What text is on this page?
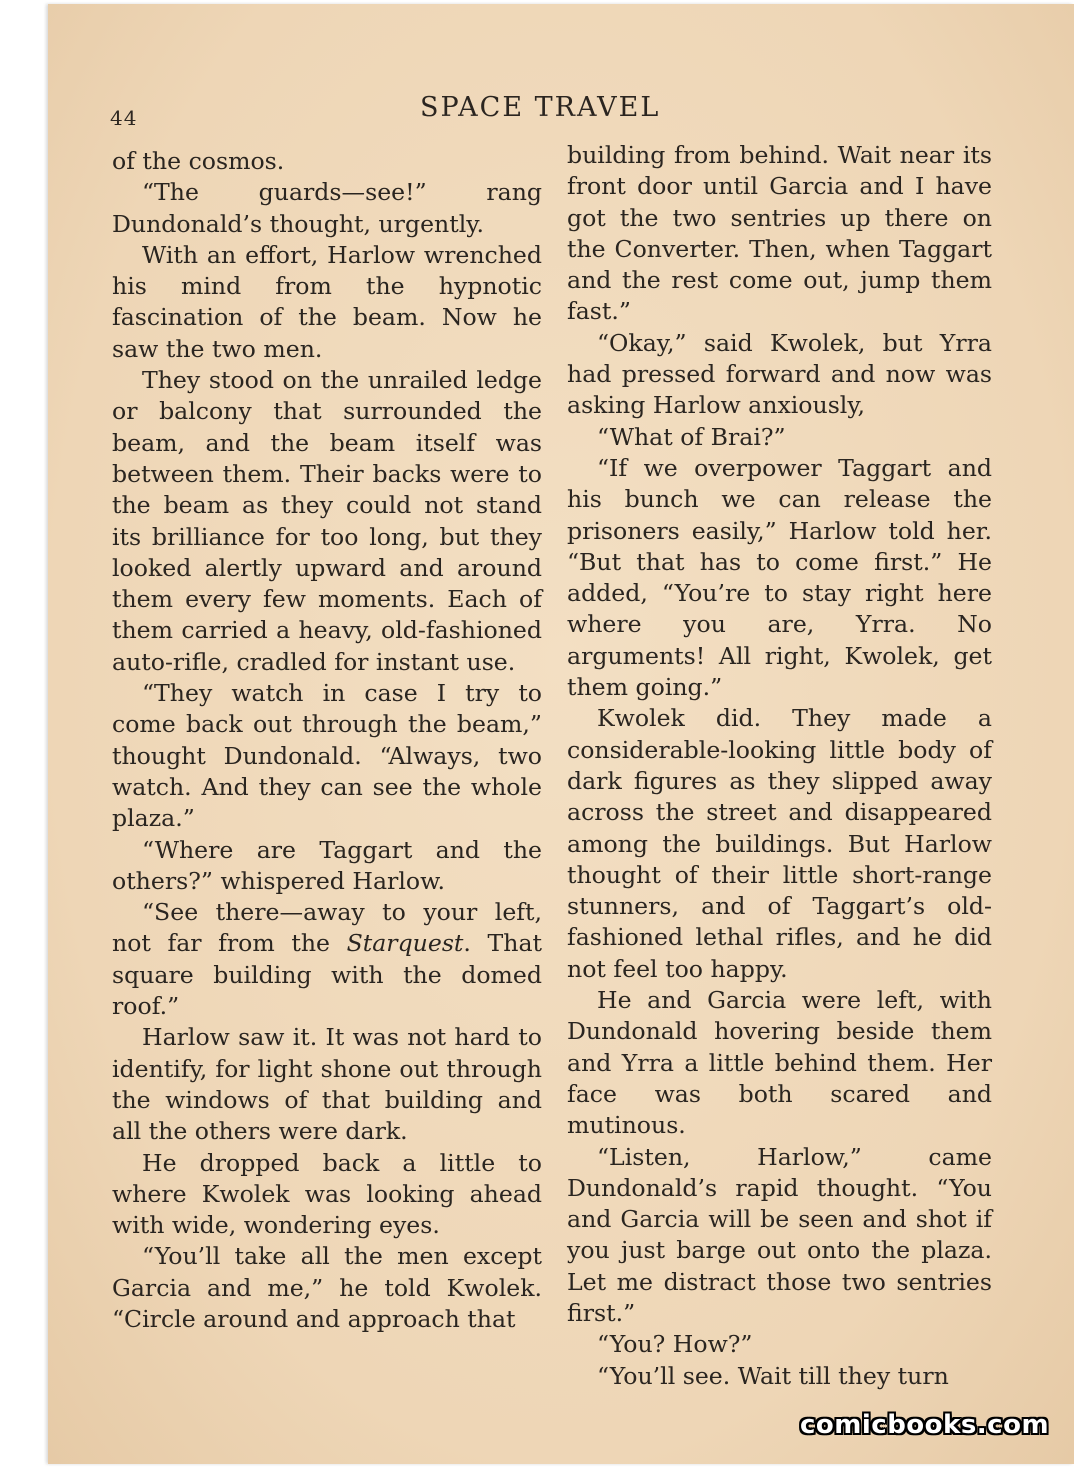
44	SPACE TRAVEL

of the cosmos.

“The guards—see!” rang Dundonald’s thought, urgently.

With an effort, Harlow wrenched his mind from the hypnotic fascination of the beam. Now he saw the two men.

They stood on the unrailed ledge or balcony that surrounded the beam, and the beam itself was between them. Their backs were to the beam as they could not stand its brilliance for too long, but they looked alertly upward and around them every few moments. Each of them carried a heavy, old-fashioned auto-rifle, cradled for instant use.

“They watch in case I try to come back out through the beam,” thought Dundonald. “Always, two watch. And they can see the whole plaza.”

“Where are Taggart and the others?” whispered Harlow.

“See there—away to your left, not far from the Starquest. That square building with the domed roof.”

Harlow saw it. It was not hard to identify, for light shone out through the windows of that building and all the others were dark.

He dropped back a little to where Kwolek was looking ahead with wide, wondering eyes.

“You’ll take all the men except Garcia and me,” he told Kwolek. “Circle around and approach that

building from behind. Wait near its front door until Garcia and I have got the two sentries up there on the Converter. Then, when Taggart and the rest come out, jump them fast.”

“Okay,” said Kwolek, but Yrra had pressed forward and now was asking Harlow anxiously,

“What of Brai?”

“If we overpower Taggart and his bunch we can release the prisoners easily,” Harlow told her. “But that has to come first.” He added, “You’re to stay right here where you are, Yrra. No arguments! All right, Kwolek, get them going.”

Kwolek did. They made a considerable-looking little body of dark figures as they slipped away across the street and disappeared among the buildings. But Harlow thought of their little short-range stunners, and of Taggart’s old-fashioned lethal rifles, and he did not feel too happy.

He and Garcia were left, with Dundonald hovering beside them and Yrra a little behind them. Her face was both scared and mutinous.

“Listen, Harlow,” came Dundonald’s rapid thought. “You and Garcia will be seen and shot if you just barge out onto the plaza. Let me distract those two sentries first.”

“You? How?”

“You’ll see. Wait till they turn

comicbooks.com
